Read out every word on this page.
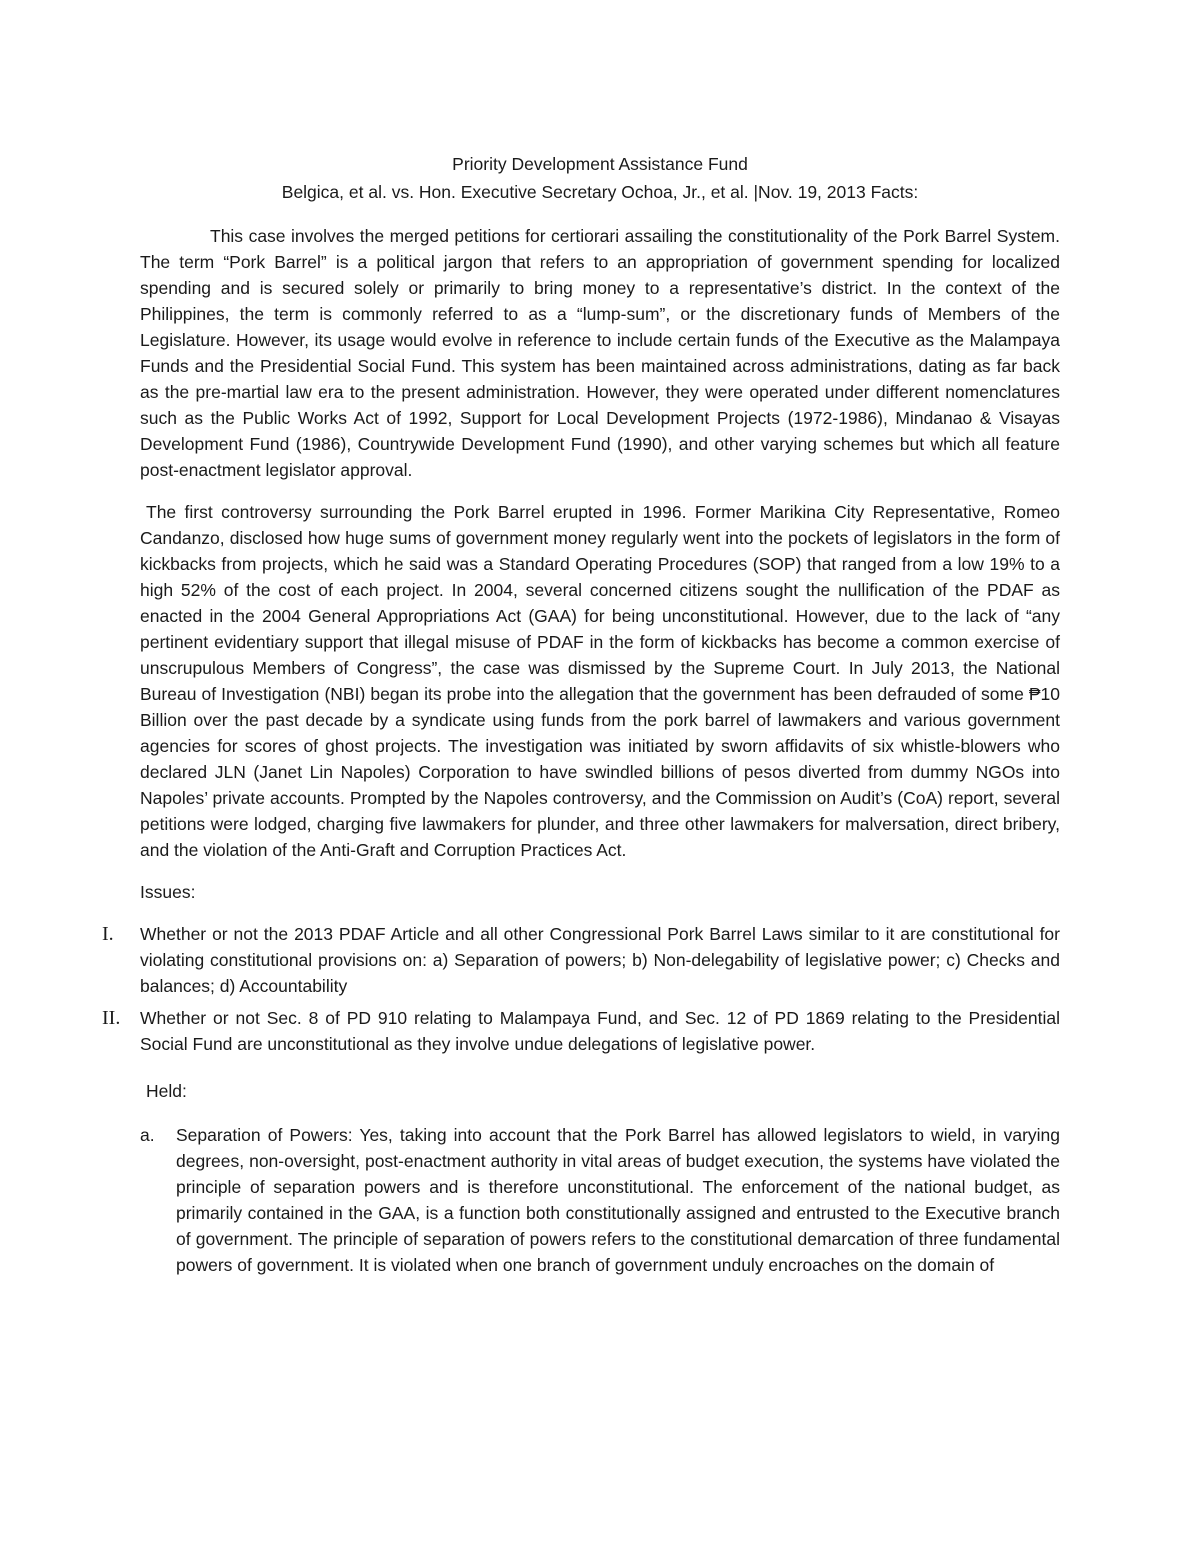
Priority Development Assistance Fund

Belgica, et al. vs. Hon. Executive Secretary Ochoa, Jr., et al. |Nov. 19, 2013 Facts:

This case involves the merged petitions for certiorari assailing the constitutionality of the Pork Barrel System. The term “Pork Barrel” is a political jargon that refers to an appropriation of government spending for localized spending and is secured solely or primarily to bring money to a representative’s district. In the context of the Philippines, the term is commonly referred to as a “lump-sum”, or the discretionary funds of Members of the Legislature. However, its usage would evolve in reference to include certain funds of the Executive as the Malampaya Funds and the Presidential Social Fund. This system has been maintained across administrations, dating as far back as the pre-martial law era to the present administration. However, they were operated under different nomenclatures such as the Public Works Act of 1992, Support for Local Development Projects (1972-1986), Mindanao & Visayas Development Fund (1986), Countrywide Development Fund (1990), and other varying schemes but which all feature post-enactment legislator approval.

The first controversy surrounding the Pork Barrel erupted in 1996. Former Marikina City Representative, Romeo Candanzo, disclosed how huge sums of government money regularly went into the pockets of legislators in the form of kickbacks from projects, which he said was a Standard Operating Procedures (SOP) that ranged from a low 19% to a high 52% of the cost of each project. In 2004, several concerned citizens sought the nullification of the PDAF as enacted in the 2004 General Appropriations Act (GAA) for being unconstitutional. However, due to the lack of “any pertinent evidentiary support that illegal misuse of PDAF in the form of kickbacks has become a common exercise of unscrupulous Members of Congress”, the case was dismissed by the Supreme Court. In July 2013, the National Bureau of Investigation (NBI) began its probe into the allegation that the government has been defrauded of some ₱10 Billion over the past decade by a syndicate using funds from the pork barrel of lawmakers and various government agencies for scores of ghost projects. The investigation was initiated by sworn affidavits of six whistle-blowers who declared JLN (Janet Lin Napoles) Corporation to have swindled billions of pesos diverted from dummy NGOs into Napoles’ private accounts. Prompted by the Napoles controversy, and the Commission on Audit’s (CoA) report, several petitions were lodged, charging five lawmakers for plunder, and three other lawmakers for malversation, direct bribery, and the violation of the Anti-Graft and Corruption Practices Act.

Issues:

I. Whether or not the 2013 PDAF Article and all other Congressional Pork Barrel Laws similar to it are constitutional for violating constitutional provisions on: a) Separation of powers; b) Non-delegability of legislative power; c) Checks and balances; d) Accountability

II. Whether or not Sec. 8 of PD 910 relating to Malampaya Fund, and Sec. 12 of PD 1869 relating to the Presidential Social Fund are unconstitutional as they involve undue delegations of legislative power.

Held:

a. Separation of Powers: Yes, taking into account that the Pork Barrel has allowed legislators to wield, in varying degrees, non-oversight, post-enactment authority in vital areas of budget execution, the systems have violated the principle of separation powers and is therefore unconstitutional. The enforcement of the national budget, as primarily contained in the GAA, is a function both constitutionally assigned and entrusted to the Executive branch of government. The principle of separation of powers refers to the constitutional demarcation of three fundamental powers of government. It is violated when one branch of government unduly encroaches on the domain of
